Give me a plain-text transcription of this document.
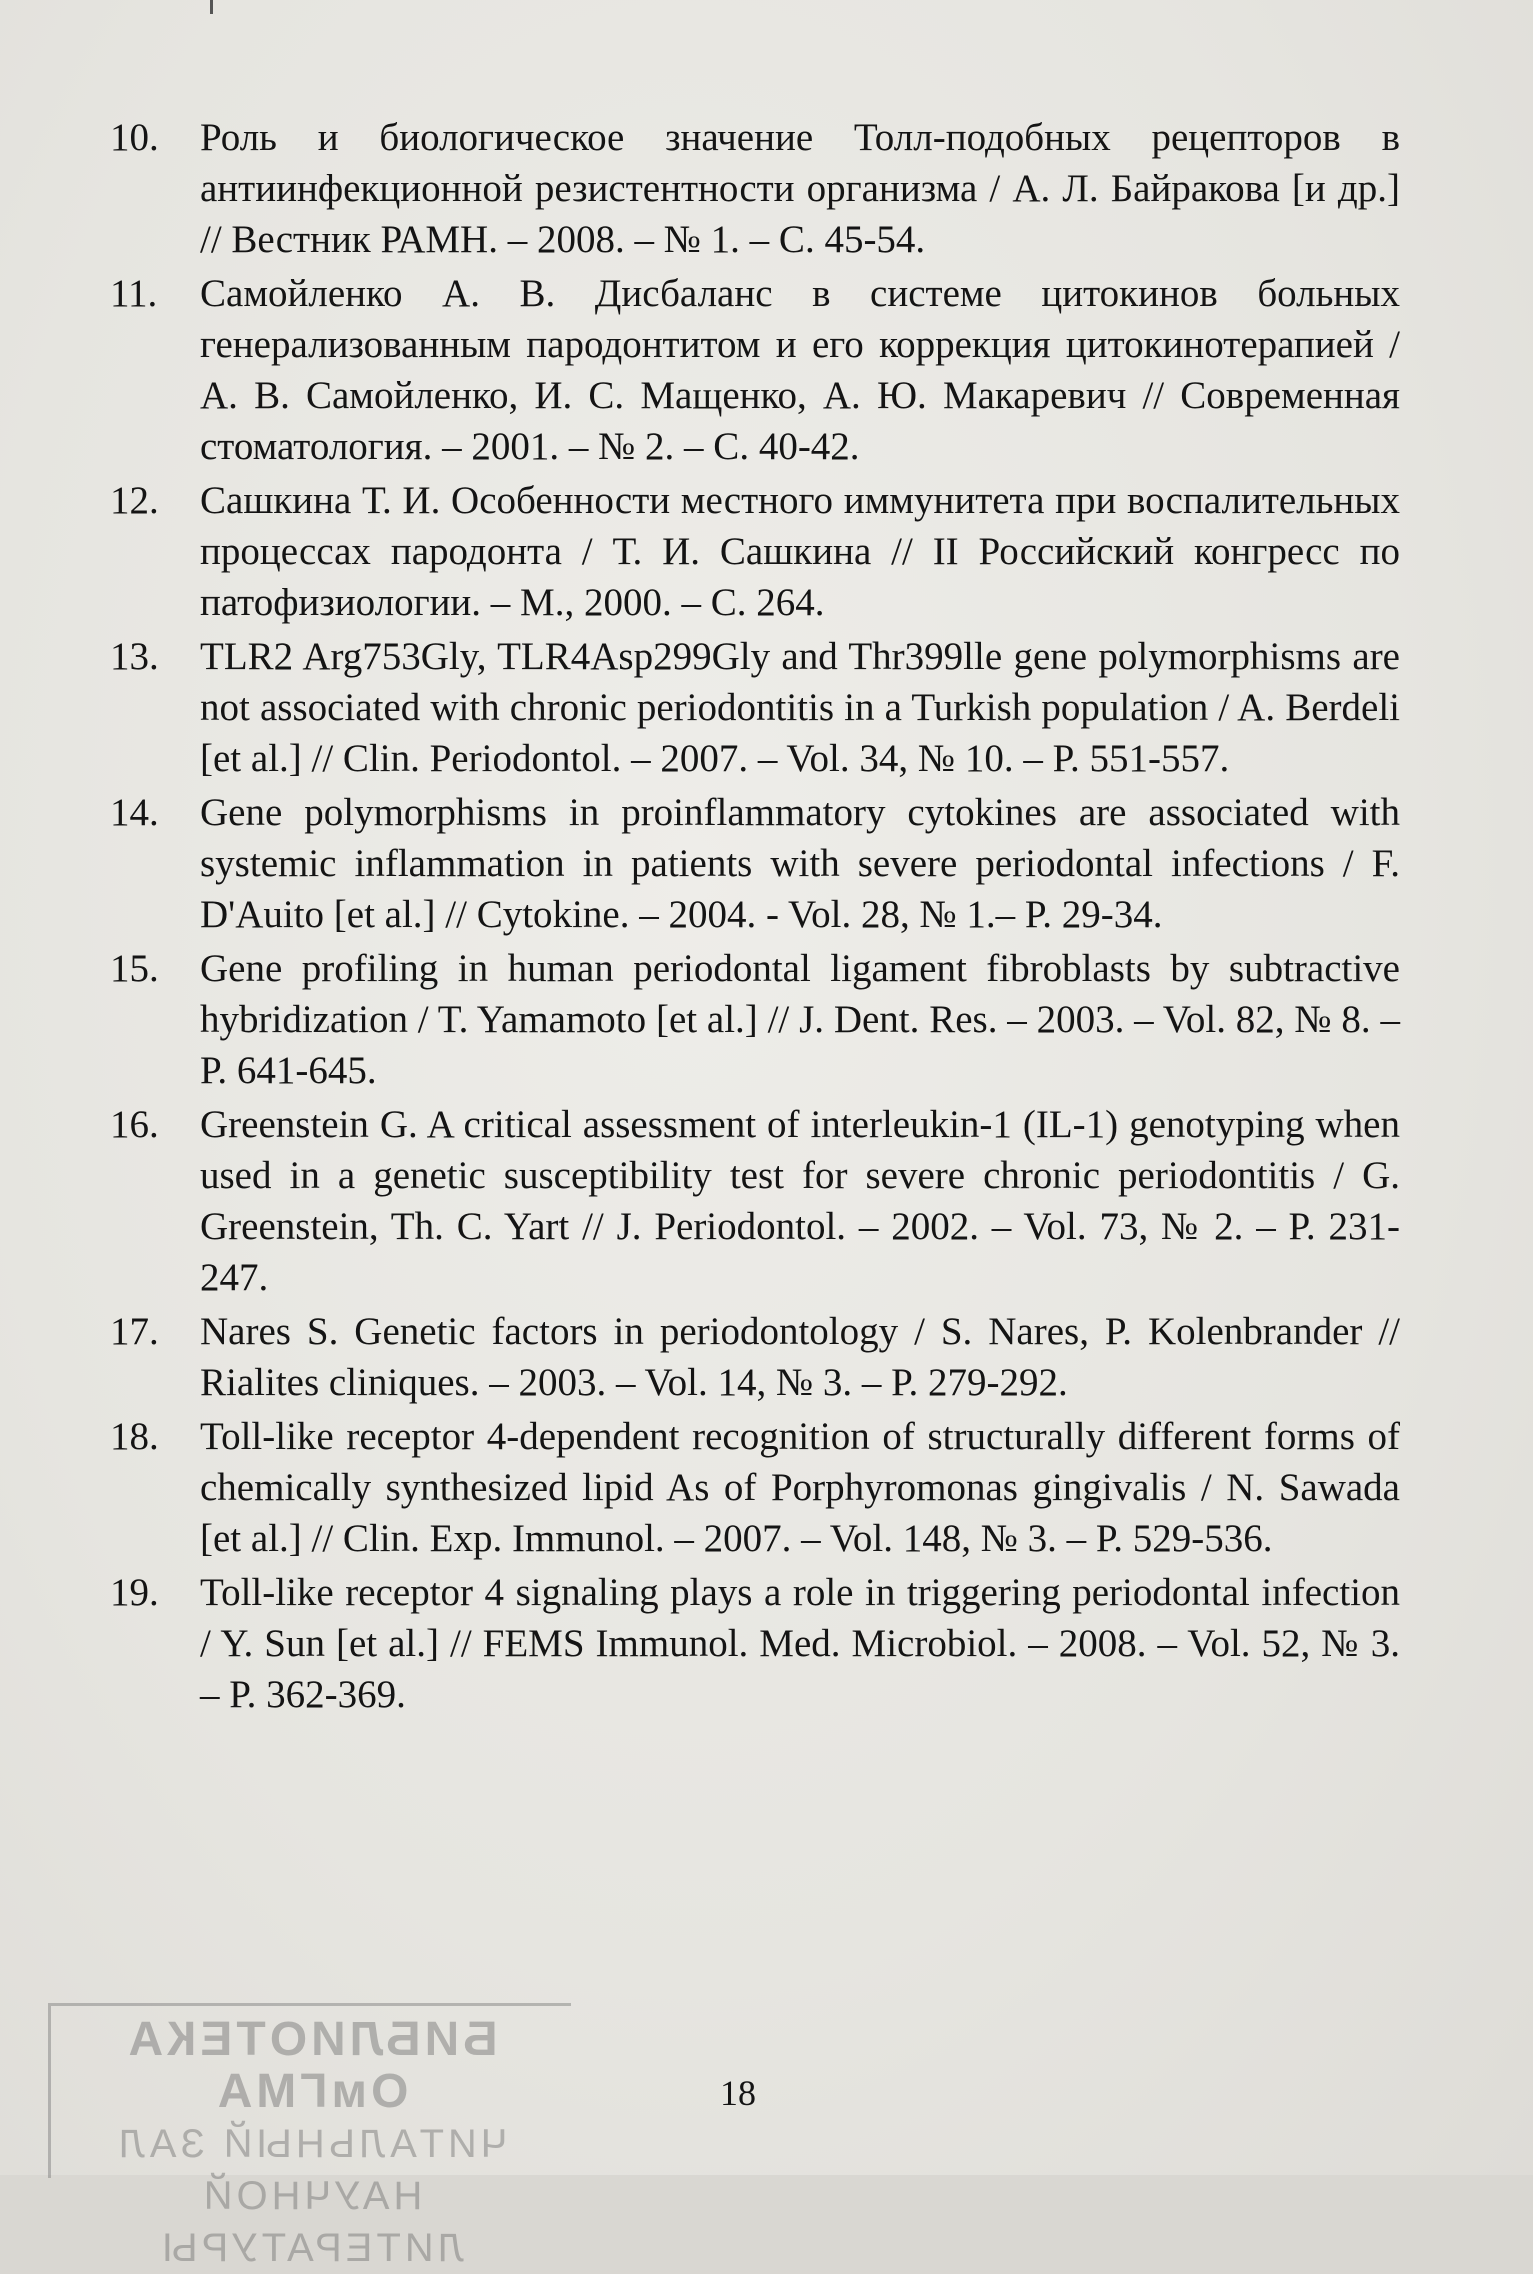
БИБЛИОТЕКА ОмГМА
ЧИТАЛЬНЫЙ ЗАЛ
НАУЧНОЙ ЛИТЕРАТУРЫ
10. Роль и биологическое значение Толл-подобных рецепторов в антиинфекционной резистентности организма / А. Л. Байракова [и др.] // Вестник РАМН. – 2008. – № 1. – С. 45-54.
11. Самойленко А. В. Дисбаланс в системе цитокинов больных генерализованным пародонтитом и его коррекция цитокинотерапией / А. В. Самойленко, И. С. Мащенко, А. Ю. Макаревич // Современная стоматология. – 2001. – № 2. – С. 40-42.
12. Сашкина Т. И. Особенности местного иммунитета при воспалительных процессах пародонта / Т. И. Сашкина // II Российский конгресс по патофизиологии. – М., 2000. – С. 264.
13. TLR2 Arg753Gly, TLR4Asp299Gly and Thr399lle gene polymorphisms are not associated with chronic periodontitis in a Turkish population / A. Berdeli [et al.] // Clin. Periodontol. – 2007. – Vol. 34, № 10. – P. 551-557.
14. Gene polymorphisms in proinflammatory cytokines are associated with systemic inflammation in patients with severe periodontal infections / F. D'Auito [et al.] // Cytokine. – 2004. - Vol. 28, № 1.– P. 29-34.
15. Gene profiling in human periodontal ligament fibroblasts by subtractive hybridization / T. Yamamoto [et al.] // J. Dent. Res. – 2003. – Vol. 82, № 8. – P. 641-645.
16. Greenstein G. A critical assessment of interleukin-1 (IL-1) genotyping when used in a genetic susceptibility test for severe chronic periodontitis / G. Greenstein, Th. C. Yart // J. Periodontol. – 2002. – Vol. 73, № 2. – P. 231-247.
17. Nares S. Genetic factors in periodontology / S. Nares, P. Kolenbrander // Rialites cliniques. – 2003. – Vol. 14, № 3. – P. 279-292.
18. Toll-like receptor 4-dependent recognition of structurally different forms of chemically synthesized lipid As of Porphyromonas gingivalis / N. Sawada [et al.] // Clin. Exp. Immunol. – 2007. – Vol. 148, № 3. – P. 529-536.
19. Toll-like receptor 4 signaling plays a role in triggering periodontal infection / Y. Sun [et al.] // FEMS Immunol. Med. Microbiol. – 2008. – Vol. 52, № 3. – P. 362-369.
18
